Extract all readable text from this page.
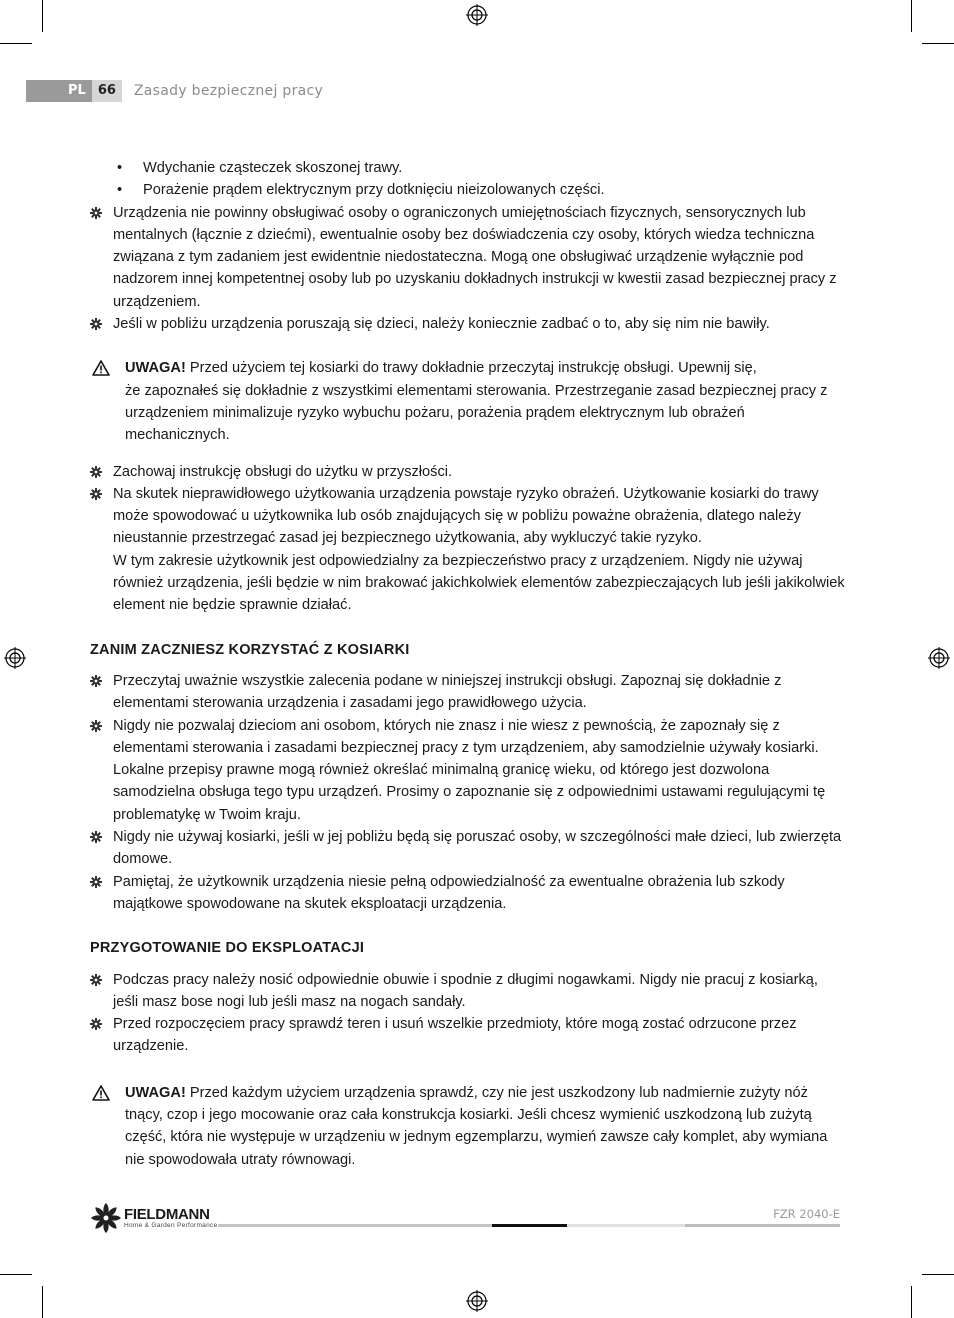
PL 66	Zasady bezpiecznej pracy
• Wdychanie cząsteczek skoszonej trawy.
• Porażenie prądem elektrycznym przy dotknięciu nieizolowanych części.
Urządzenia nie powinny obsługiwać osoby o ograniczonych umiejętnościach fizycznych, sensorycznych lub mentalnych (łącznie z dziećmi), ewentualnie osoby bez doświadczenia czy osoby, których wiedza techniczna związana z tym zadaniem jest ewidentnie niedostateczna. Mogą one obsługiwać urządzenie wyłącznie pod nadzorem innej kompetentnej osoby lub po uzyskaniu dokładnych instrukcji w kwestii zasad bezpiecznej pracy z urządzeniem.
Jeśli w pobliżu urządzenia poruszają się dzieci, należy koniecznie zadbać o to, aby się nim nie bawiły.
UWAGA! Przed użyciem tej kosiarki do trawy dokładnie przeczytaj instrukcję obsługi. Upewnij się,
że zapoznałeś się dokładnie z wszystkimi elementami sterowania. Przestrzeganie zasad bezpiecznej pracy z urządzeniem minimalizuje ryzyko wybuchu pożaru, porażenia prądem elektrycznym lub obrażeń mechanicznych.
Zachowaj instrukcję obsługi do użytku w przyszłości.
Na skutek nieprawidłowego użytkowania urządzenia powstaje ryzyko obrażeń. Użytkowanie kosiarki do trawy może spowodować u użytkownika lub osób znajdujących się w pobliżu poważne obrażenia, dlatego należy nieustannie przestrzegać zasad jej bezpiecznego użytkowania, aby wykluczyć takie ryzyko.
W tym zakresie użytkownik jest odpowiedzialny za bezpieczeństwo pracy z urządzeniem. Nigdy nie używaj również urządzenia, jeśli będzie w nim brakować jakichkolwiek elementów zabezpieczających lub jeśli jakikolwiek element nie będzie sprawnie działać.
ZANIM ZACZNIESZ KORZYSTAĆ Z KOSIARKI
Przeczytaj uważnie wszystkie zalecenia podane w niniejszej instrukcji obsługi. Zapoznaj się dokładnie z elementami sterowania urządzenia i zasadami jego prawidłowego użycia.
Nigdy nie pozwalaj dzieciom ani osobom, których nie znasz i nie wiesz z pewnością, że zapoznały się z elementami sterowania i zasadami bezpiecznej pracy z tym urządzeniem, aby samodzielnie używały kosiarki. Lokalne przepisy prawne mogą również określać minimalną granicę wieku, od którego jest dozwolona samodzielna obsługa tego typu urządzeń. Prosimy o zapoznanie się z odpowiednimi ustawami regulującymi tę problematykę w Twoim kraju.
Nigdy nie używaj kosiarki, jeśli w jej pobliżu będą się poruszać osoby, w szczególności małe dzieci, lub zwierzęta domowe.
Pamiętaj, że użytkownik urządzenia niesie pełną odpowiedzialność za ewentualne obrażenia lub szkody majątkowe spowodowane na skutek eksploatacji urządzenia.
PRZYGOTOWANIE DO EKSPLOATACJI
Podczas pracy należy nosić odpowiednie obuwie i spodnie z długimi nogawkami. Nigdy nie pracuj z kosiarką, jeśli masz bose nogi lub jeśli masz na nogach sandały.
Przed rozpoczęciem pracy sprawdź teren i usuń wszelkie przedmioty, które mogą zostać odrzucone przez urządzenie.
UWAGA! Przed każdym użyciem urządzenia sprawdź, czy nie jest uszkodzony lub nadmiernie zużyty nóż tnący, czop i jego mocowanie oraz cała konstrukcja kosiarki. Jeśli chcesz wymienić uszkodzoną lub zużytą część, która nie występuje w urządzeniu w jednym egzemplarzu, wymień zawsze cały komplet, aby wymiana nie spowodowała utraty równowagi.
FIELDMANN
Home & Garden Performance
FZR 2040-E
